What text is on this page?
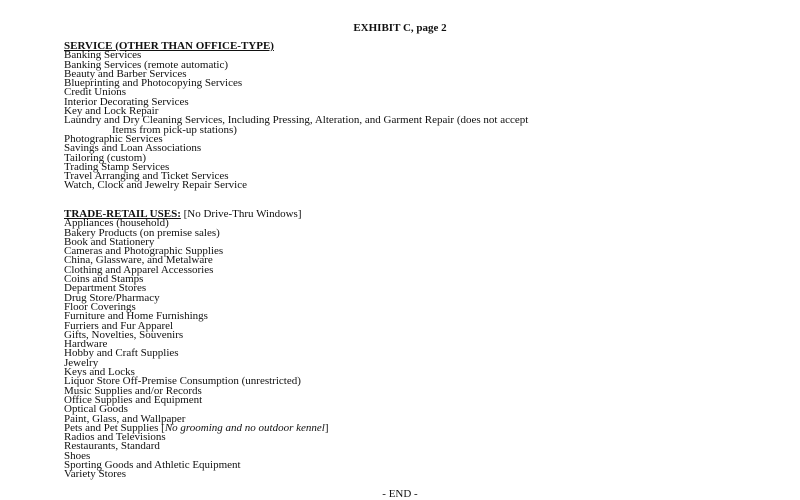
EXHIBIT C, page 2
SERVICE (OTHER THAN OFFICE-TYPE)
Banking Services
Banking Services (remote automatic)
Beauty and Barber Services
Blueprinting and Photocopying Services
Credit Unions
Interior Decorating Services
Key and Lock Repair
Laundry and Dry Cleaning Services, Including Pressing, Alteration, and Garment Repair (does not accept
Items from pick-up stations)
Photographic Services
Savings and Loan Associations
Tailoring (custom)
Trading Stamp Services
Travel Arranging and Ticket Services
Watch, Clock and Jewelry Repair Service
TRADE-RETAIL USES: [No Drive-Thru Windows]
Appliances (household)
Bakery Products (on premise sales)
Book and Stationery
Cameras and Photographic Supplies
China, Glassware, and Metalware
Clothing and Apparel Accessories
Coins and Stamps
Department Stores
Drug Store/Pharmacy
Floor Coverings
Furniture and Home Furnishings
Furriers and Fur Apparel
Gifts, Novelties, Souvenirs
Hardware
Hobby and Craft Supplies
Jewelry
Keys and Locks
Liquor Store Off-Premise Consumption (unrestricted)
Music Supplies and/or Records
Office Supplies and Equipment
Optical Goods
Paint, Glass, and Wallpaper
Pets and Pet Supplies [No grooming and no outdoor kennel]
Radios and Televisions
Restaurants, Standard
Shoes
Sporting Goods and Athletic Equipment
Variety Stores
- END -
